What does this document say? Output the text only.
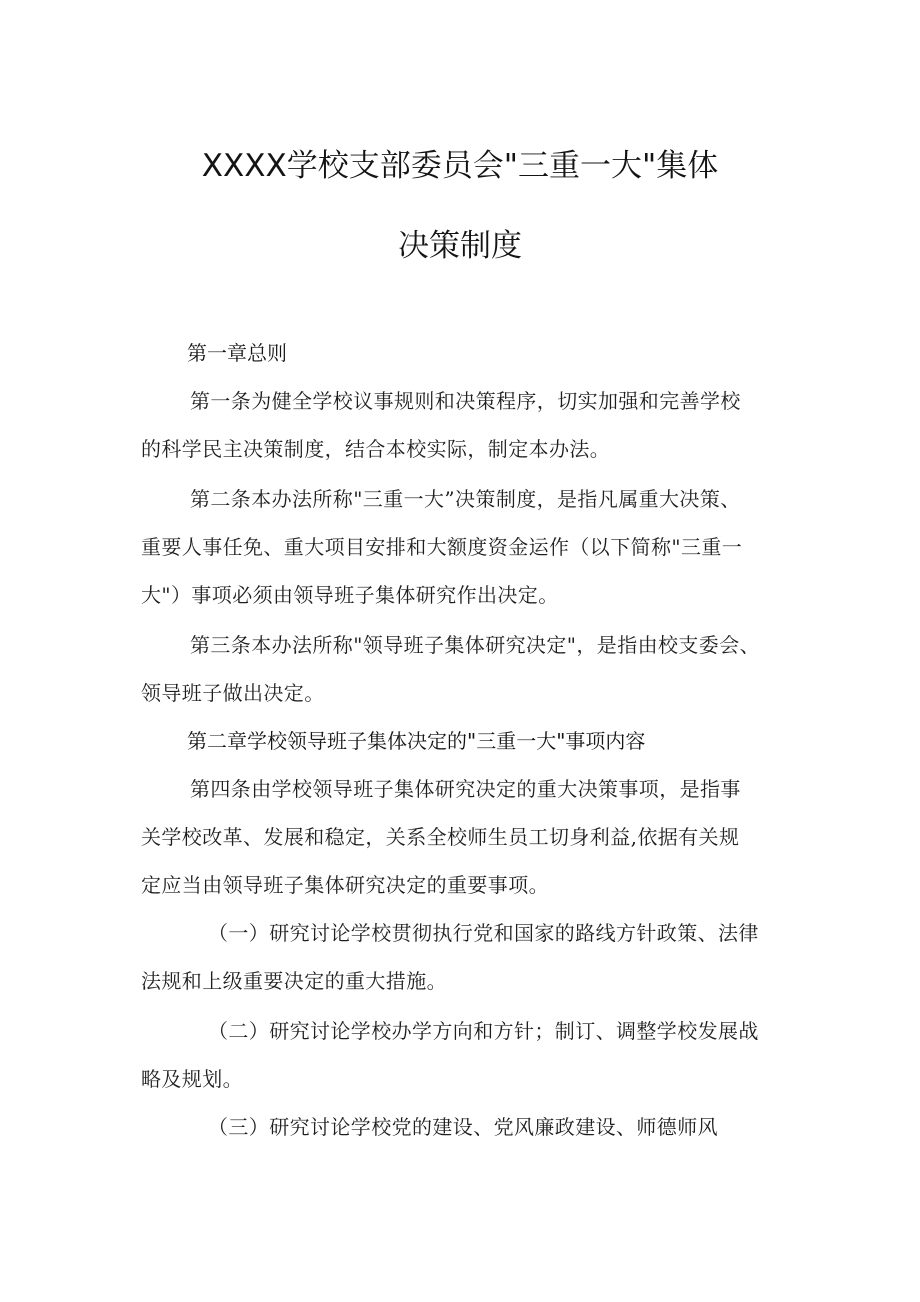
XXXX学校支部委员会"三重一大"集体
决策制度
第一章总则
第一条为健全学校议事规则和决策程序，切实加强和完善学校
的科学民主决策制度，结合本校实际，制定本办法。
第二条本办法所称"三重一大”决策制度，是指凡属重大决策、
重要人事任免、重大项目安排和大额度资金运作（以下简称"三重一
大"）事项必须由领导班子集体研究作出决定。
第三条本办法所称"领导班子集体研究决定"，是指由校支委会、
领导班子做出决定。
第二章学校领导班子集体决定的"三重一大"事项内容
第四条由学校领导班子集体研究决定的重大决策事项，是指事
关学校改革、发展和稳定，关系全校师生员工切身利益,依据有关规
定应当由领导班子集体研究决定的重要事项。
（一）研究讨论学校贯彻执行党和国家的路线方针政策、法律
法规和上级重要决定的重大措施。
（二）研究讨论学校办学方向和方针；制订、调整学校发展战
略及规划。
（三）研究讨论学校党的建设、党风廉政建设、师德师风
